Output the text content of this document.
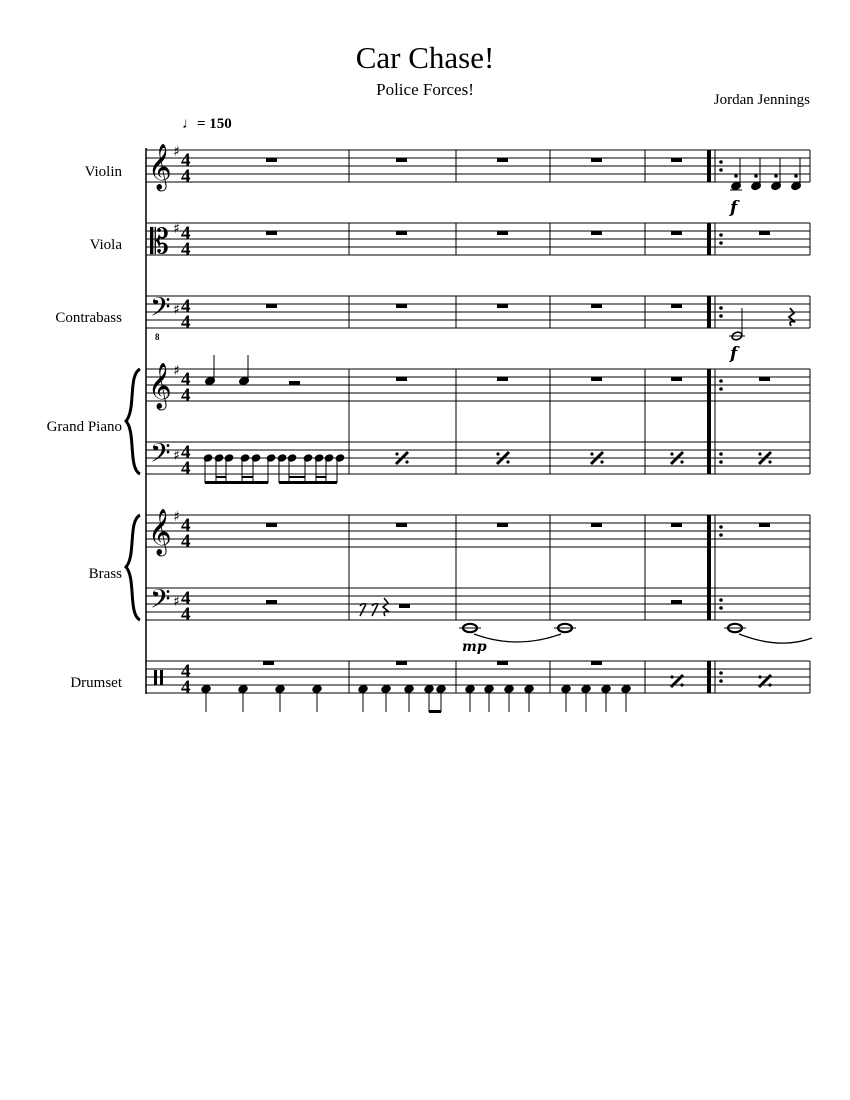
Car Chase!
Police Forces!
Jordan Jennings
♩= 150
Violin
Viola
Contrabass
Grand Piano
Brass
Drumset
𝄞
𝄡
𝄢
8
𝄞
𝄢
𝄞
𝄢
♯
♯
♯
♯
♯
♯
♯
4
4
4
4
4
4
4
4
4
4
4
4
4
4
4
4
f
f
mp
